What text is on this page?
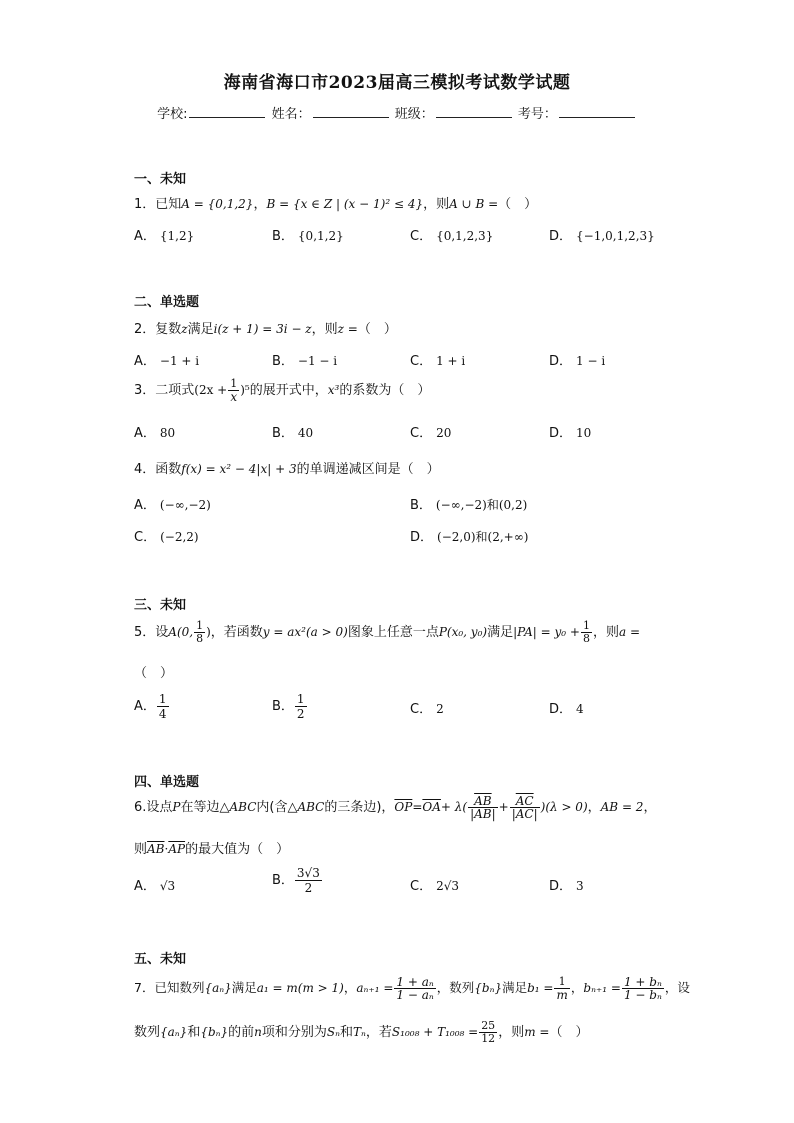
海南省海口市2023届高三模拟考试数学试题
学校:	姓名：	班级：	考号：
一、未知
1．已知A = {0,1,2}，B = {x ∈ Z | (x − 1)² ≤ 4}，则A ∪ B =（　）
A． {1,2}	B． {0,1,2}	C． {0,1,2,3}	D． {−1,0,1,2,3}
二、单选题
2．复数z满足i(z + 1) = 3i − z，则z =（　）
A． −1 + i	B． −1 − i	C． 1 + i	D． 1 − i
3．二项式$(2x + \frac{1}{x} )^5$的展开式中，x³的系数为（　）
A． 80	B． 40	C． 20	D． 10
4．函数f(x) = x² − 4|x| + 3的单调递减区间是（　）
A． (−∞,−2)	B． (−∞,−2)和(0,2)
C． (−2,2)	D． (−2,0)和(2,+∞)
三、未知
5．设A(0, $\frac{1}{8}$ )，若函数y = ax²(a > 0)图象上任意一点P(x₀, y₀)满足$|PA| = y_0 + \frac{1}{8}$ ，则a =
（　）
A． $\frac{1}{4}$	B． $\frac{1}{2}$	C． 2	D． 4
四、单选题
6.设点P在等边△ABC内(含△ABC的三条边)，$\overline{OP}=\overline{OA}+ \lambda( \frac{\overline{AB}}{|AB|} + \frac{\overline{AC}}{|AC|} )(\lambda > 0)$，AB = 2，
则$\overline{AB}\cdot\overline{AP}$的最大值为（　）
A． √3	B． $\frac{3√3}{2}$	C． 2√3	D． 3
五、未知
7．已知数列{aₙ}满足a₁ = m(m > 1)，$a_{n+1} = \frac{\text{1 + aₙ}}{\text{1 − aₙ}}$ ，数列{bₙ}满足$b_1 = \frac{1}{m}$ ，$b_{n+1} = \frac{\text{1 + bₙ}}{\text{1 − bₙ}}$ ，设
数列{aₙ}和{bₙ}的前n项和分别为Sₙ和Tₙ，若$S_{1008} + T_{1008} = \frac{25}{12}$ ，则m =（　）
